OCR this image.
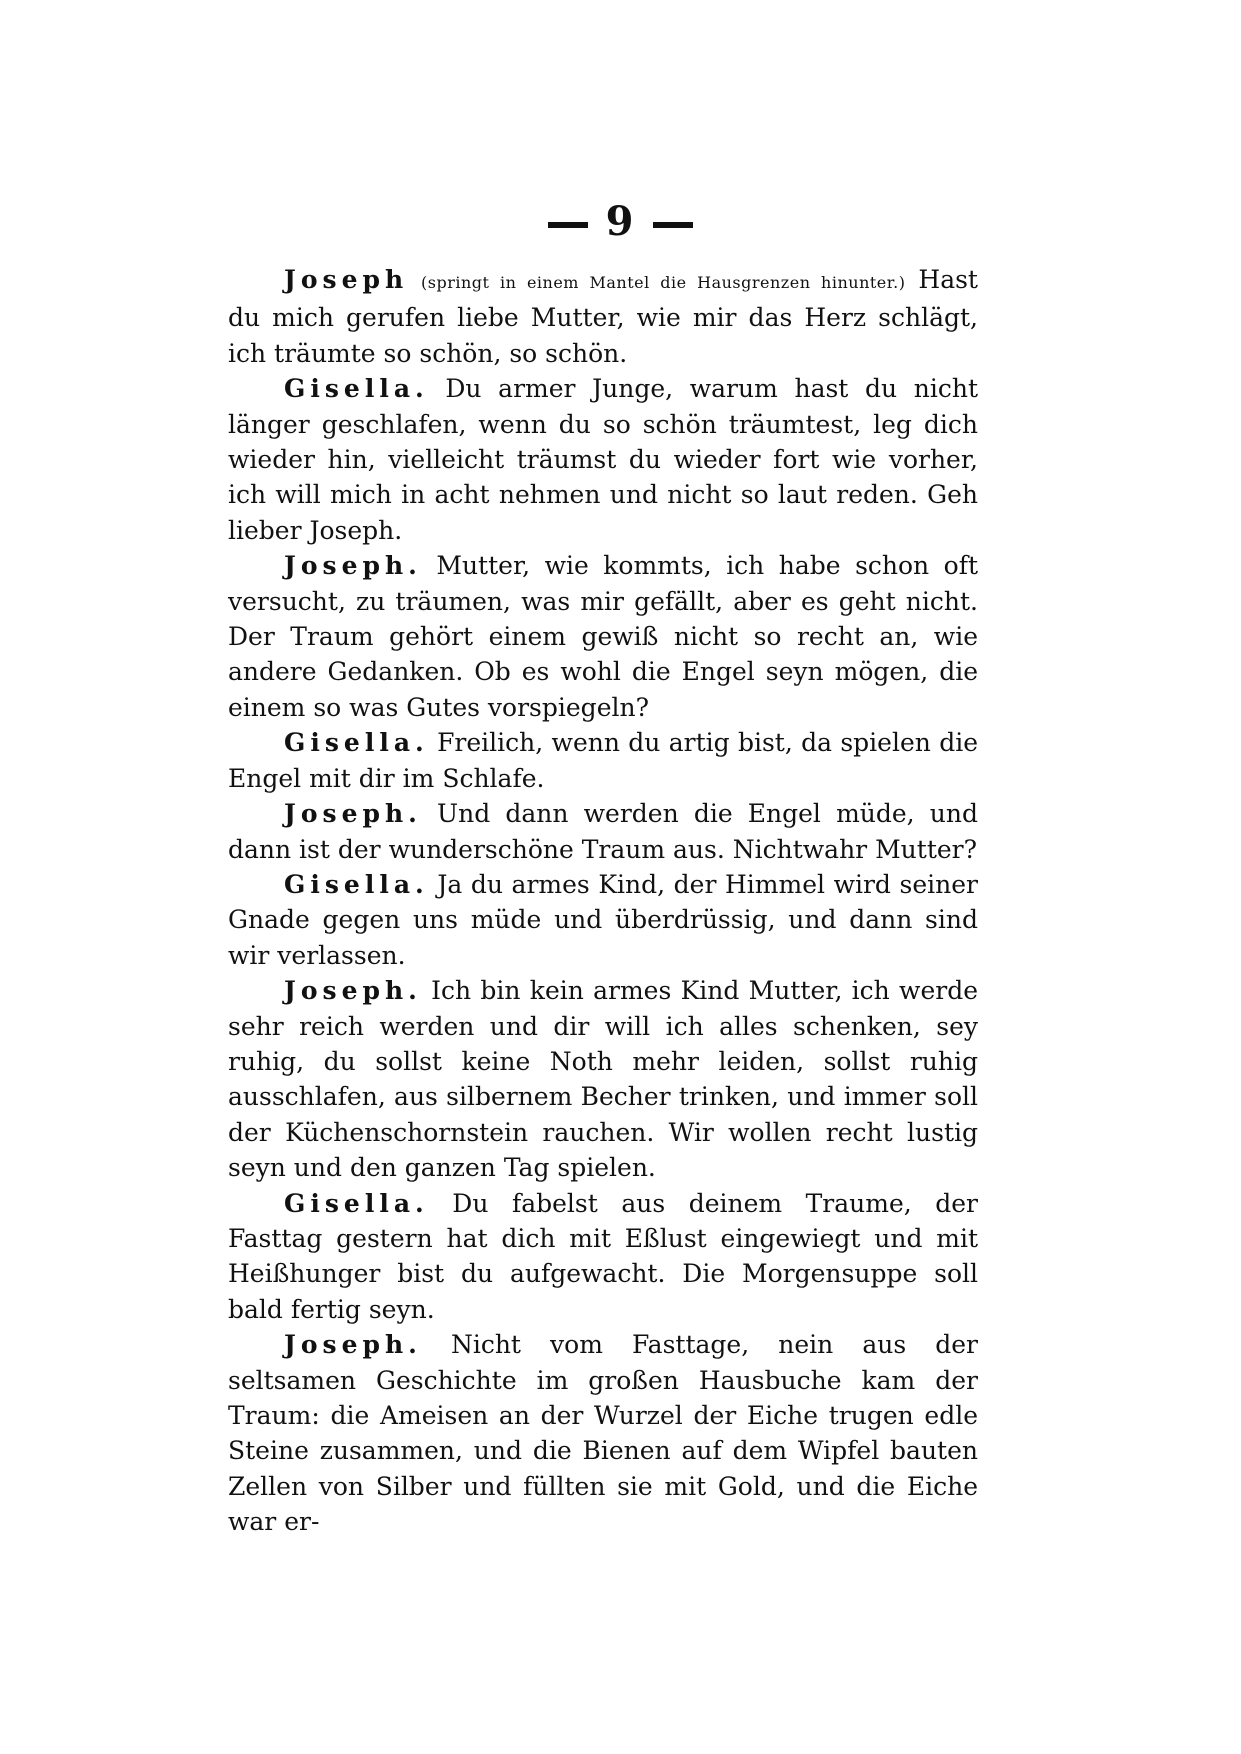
9

Joseph (springt in einem Mantel die Hausgrenzen hinunter.) Hast du mich gerufen liebe Mutter, wie mir das Herz schlägt, ich träumte so schön, so schön.

Gisella. Du armer Junge, warum hast du nicht länger geschlafen, wenn du so schön träumtest, leg dich wieder hin, vielleicht träumst du wieder fort wie vorher, ich will mich in acht nehmen und nicht so laut reden. Geh lieber Joseph.

Joseph. Mutter, wie kommts, ich habe schon oft versucht, zu träumen, was mir gefällt, aber es geht nicht. Der Traum gehört einem gewiß nicht so recht an, wie andere Gedanken. Ob es wohl die Engel seyn mögen, die einem so was Gutes vorspiegeln?

Gisella. Freilich, wenn du artig bist, da spielen die Engel mit dir im Schlafe.

Joseph. Und dann werden die Engel müde, und dann ist der wunderschöne Traum aus. Nichtwahr Mutter?

Gisella. Ja du armes Kind, der Himmel wird seiner Gnade gegen uns müde und überdrüssig, und dann sind wir verlassen.

Joseph. Ich bin kein armes Kind Mutter, ich werde sehr reich werden und dir will ich alles schenken, sey ruhig, du sollst keine Noth mehr leiden, sollst ruhig ausschlafen, aus silbernem Becher trinken, und immer soll der Küchenschornstein rauchen. Wir wollen recht lustig seyn und den ganzen Tag spielen.

Gisella. Du fabelst aus deinem Traume, der Fasttag gestern hat dich mit Eßlust eingewiegt und mit Heißhunger bist du aufgewacht. Die Morgensuppe soll bald fertig seyn.

Joseph. Nicht vom Fasttage, nein aus der seltsamen Geschichte im großen Hausbuche kam der Traum: die Ameisen an der Wurzel der Eiche trugen edle Steine zusammen, und die Bienen auf dem Wipfel bauten Zellen von Silber und füllten sie mit Gold, und die Eiche war er-
